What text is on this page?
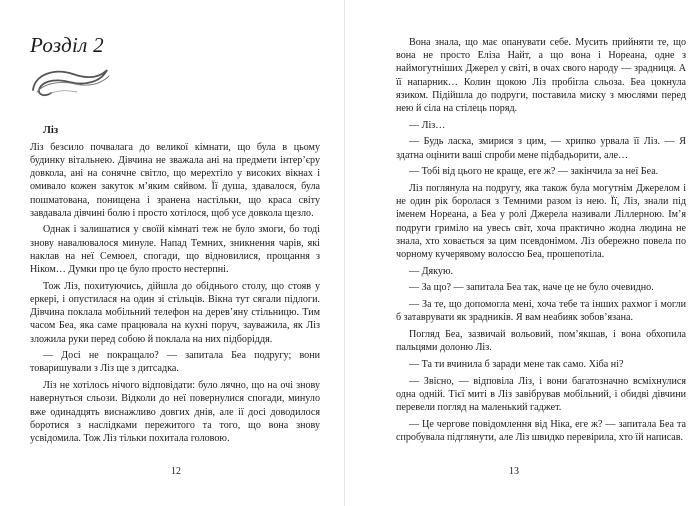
Розділ 2

Ліз

Ліз безсило почвалага до великої кімнати, що була в цьому будинку вітальнею. Дівчина не зважала ані на предмети інтер’єру довкола, ані на сонячне світло, що мерехтіло у високих вікнах і омивало кожен закуток м’яким сяйвом. Її душа, здавалося, була пошматована, понищена і зранена настільки, що краса світу завдавала дівчині болю і просто хотілося, щоб усе довкола щезло.

Однак і залишатися у своїй кімнаті теж не було змоги, бо тоді знову навалювалося минуле. Напад Темних, зникнення чарів, які наклав на неї Семюел, спогади, що відновилися, прощання з Ніком… Думки про це було просто нестерпні.

Тож Ліз, похитуючись, дійшла до обіднього столу, що стояв у еркері, і опустилася на один зі стільців. Вікна тут сягали підлоги. Дівчина поклала мобільний телефон на дерев’яну стільницю. Тим часом Беа, яка саме працювала на кухні поруч, зауважила, як Ліз зложила руки перед собою й поклала на них підборіддя.

— Досі не покращало? — запитала Беа подругу; вони товаришували з Ліз ще з дитсадка.

Ліз не хотілось нічого відповідати: було лячно, що на очі знову навернуться сльози. Відколи до неї повернулися спогади, минуло вже одинадцять виснажливо довгих днів, але ії досі доводилося боротися з наслідками пережитого та того, що вона знову усвідомила. Тож Ліз тільки похитала головою.

12

Вона знала, що має опанувати себе. Мусить прийняти те, що вона не просто Еліза Найт, а що вона і Нореана, одне з наймогутніших Джерел у світі, в очах свого народу — зрадниця. А її напарник… Колин щокою Ліз пробігла сльоза. Беа цокнула язиком. Підійшла до подруги, поставила миску з мюслями перед нею й сіла на стілець поряд.

— Ліз…

— Будь ласка, змирися з цим, — хрипко урвала її Ліз. — Я здатна оцінити ваші спроби мене підбадьорити, але…

— Тобі від цього не краще, еге ж? — закінчила за неї Беа.

Ліз поглянула на подругу, яка також була могутнім Джерелом і не один рік боролася з Темними разом із нею. Її, Ліз, знали під іменем Нореана, а Беа у ролі Джерела називали Ліллерною. Ім’я подруги гриміло на увесь світ, хоча практично жодна людина не знала, хто ховається за цим псевдонімом. Ліз обережно повела по чорному кучерявому волоссю Беа, прошепотіла.

— Дякую.

— За що? — запитала Беа так, наче це не було очевидно.

— За те, що допомогла мені, хоча тебе та інших рахмог і могли б затаврувати як зрадників. Я вам неабияк зобов’язана.

Погляд Беа, зазвичай вольовий, пом’якшав, і вона обхопила пальцями долоню Ліз.

— Та ти вчинила б заради мене так само. Хіба ні?

— Звісно, — відповіла Ліз, і вони багатозначно всміхнулися одна одній. Тієї миті в Ліз завібрував мобільний, і обидві дівчини перевели погляд на маленький гаджет.

— Це чергове повідомлення від Ніка, еге ж? — запитала Беа та спробувала підглянути, але Ліз швидко перевірила, хто їй написав.

13
